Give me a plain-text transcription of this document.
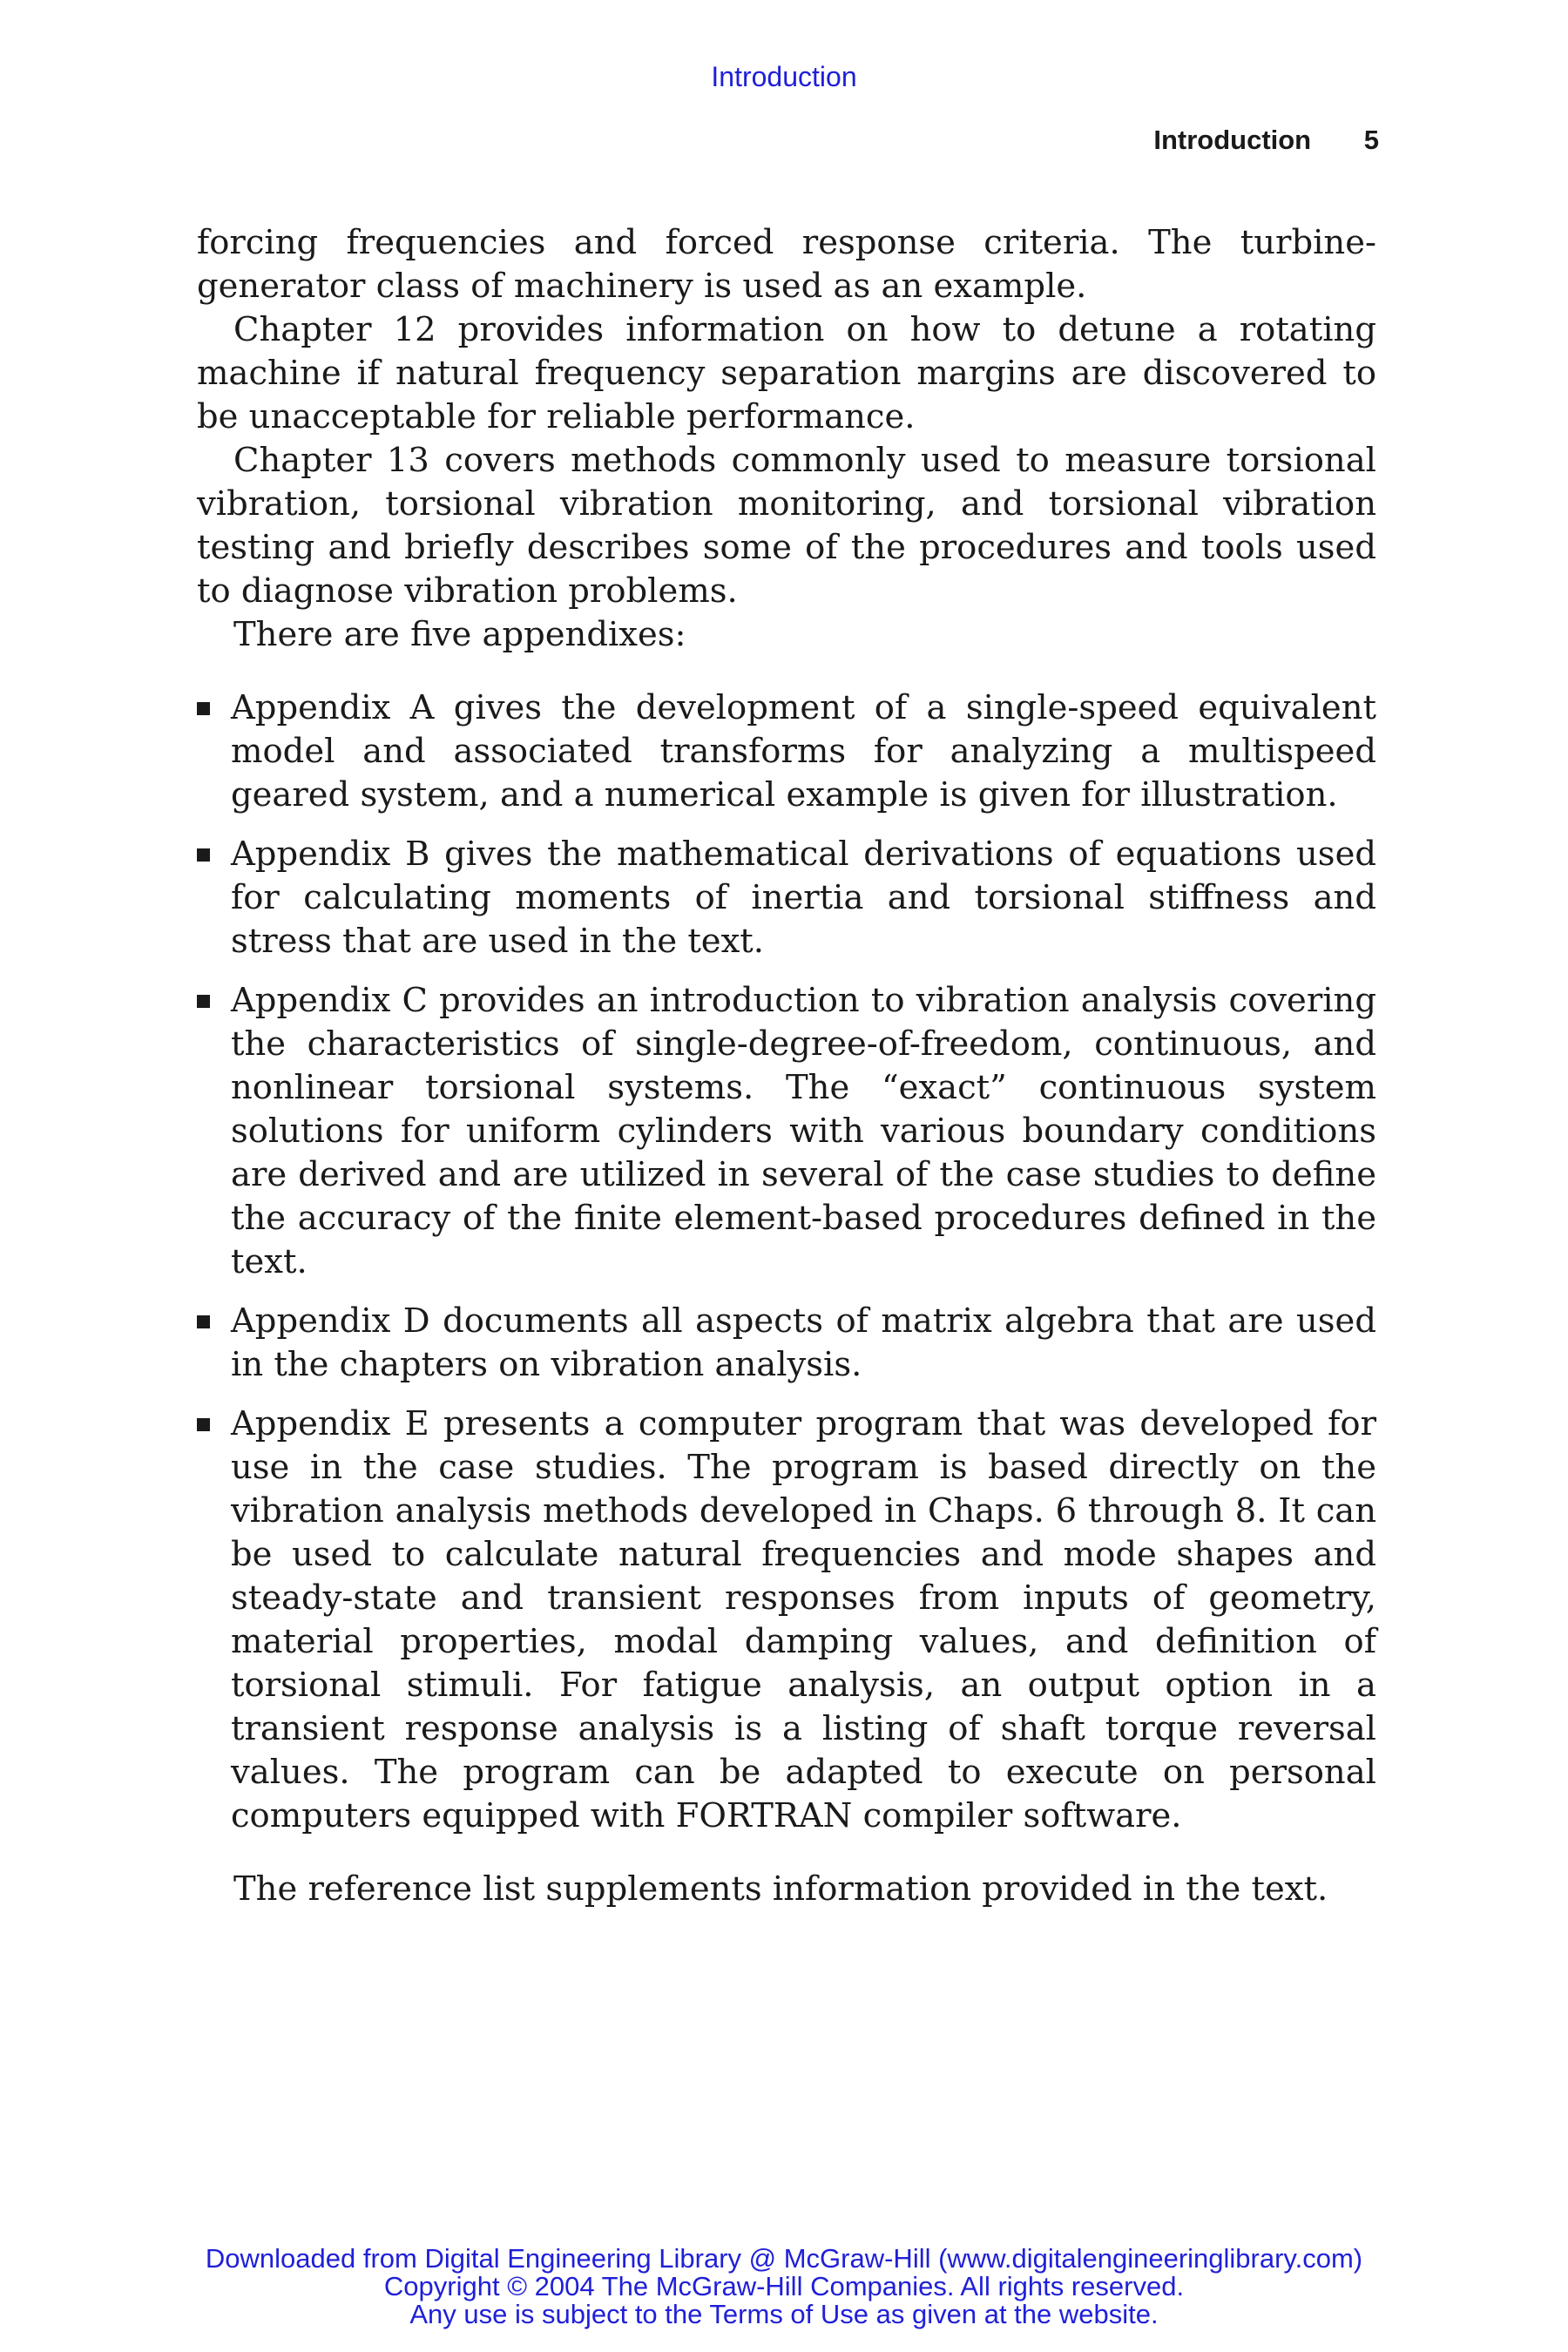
Introduction
Introduction 5

forcing frequencies and forced response criteria. The turbine-generator class of machinery is used as an example.

Chapter 12 provides information on how to detune a rotating machine if natural frequency separation margins are discovered to be unacceptable for reliable performance.

Chapter 13 covers methods commonly used to measure torsional vibration, torsional vibration monitoring, and torsional vibration testing and briefly describes some of the procedures and tools used to diagnose vibration problems.

There are five appendixes:

Appendix A gives the development of a single-speed equivalent model and associated transforms for analyzing a multispeed geared system, and a numerical example is given for illustration.
Appendix B gives the mathematical derivations of equations used for calculating moments of inertia and torsional stiffness and stress that are used in the text.
Appendix C provides an introduction to vibration analysis covering the characteristics of single-degree-of-freedom, continuous, and nonlinear torsional systems. The “exact” continuous system solutions for uniform cylinders with various boundary conditions are derived and are utilized in several of the case studies to define the accuracy of the finite element-based procedures defined in the text.
Appendix D documents all aspects of matrix algebra that are used in the chapters on vibration analysis.
Appendix E presents a computer program that was developed for use in the case studies. The program is based directly on the vibration analysis methods developed in Chaps. 6 through 8. It can be used to calculate natural frequencies and mode shapes and steady-state and transient responses from inputs of geometry, material properties, modal damping values, and definition of torsional stimuli. For fatigue analysis, an output option in a transient response analysis is a listing of shaft torque reversal values. The program can be adapted to execute on personal computers equipped with FORTRAN compiler software.

The reference list supplements information provided in the text.

Downloaded from Digital Engineering Library @ McGraw-Hill (www.digitalengineeringlibrary.com)
Copyright © 2004 The McGraw-Hill Companies. All rights reserved.
Any use is subject to the Terms of Use as given at the website.
